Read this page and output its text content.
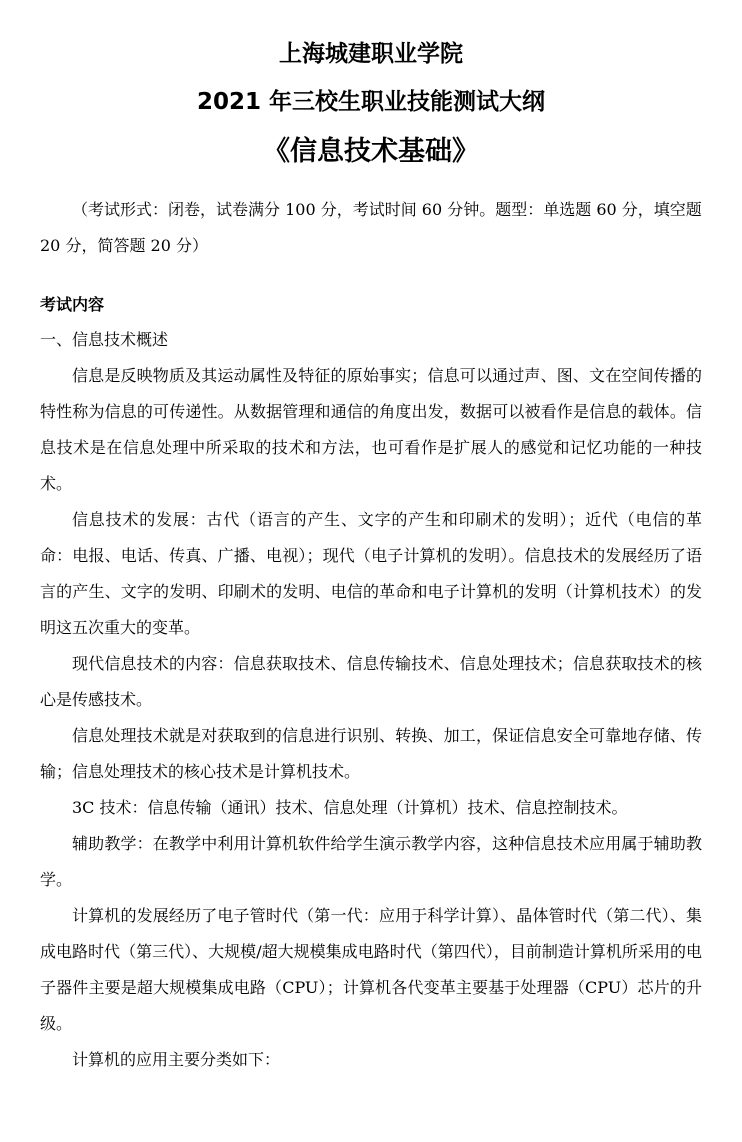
上海城建职业学院
2021 年三校生职业技能测试大纲
《信息技术基础》

（考试形式：闭卷，试卷满分 100 分，考试时间 60 分钟。题型：单选题 60 分，填空题 20 分，简答题 20 分）

考试内容

一、信息技术概述

信息是反映物质及其运动属性及特征的原始事实；信息可以通过声、图、文在空间传播的特性称为信息的可传递性。从数据管理和通信的角度出发，数据可以被看作是信息的载体。信息技术是在信息处理中所采取的技术和方法，也可看作是扩展人的感觉和记忆功能的一种技术。

信息技术的发展：古代（语言的产生、文字的产生和印刷术的发明）；近代（电信的革命：电报、电话、传真、广播、电视）；现代（电子计算机的发明）。信息技术的发展经历了语言的产生、文字的发明、印刷术的发明、电信的革命和电子计算机的发明（计算机技术）的发明这五次重大的变革。

现代信息技术的内容：信息获取技术、信息传输技术、信息处理技术；信息获取技术的核心是传感技术。

信息处理技术就是对获取到的信息进行识别、转换、加工，保证信息安全可靠地存储、传输；信息处理技术的核心技术是计算机技术。

3C 技术：信息传输（通讯）技术、信息处理（计算机）技术、信息控制技术。

辅助教学：在教学中利用计算机软件给学生演示教学内容，这种信息技术应用属于辅助教学。

计算机的发展经历了电子管时代（第一代：应用于科学计算）、晶体管时代（第二代）、集成电路时代（第三代）、大规模/超大规模集成电路时代（第四代），目前制造计算机所采用的电子器件主要是超大规模集成电路（CPU）；计算机各代变革主要基于处理器（CPU）芯片的升级。

计算机的应用主要分类如下：
